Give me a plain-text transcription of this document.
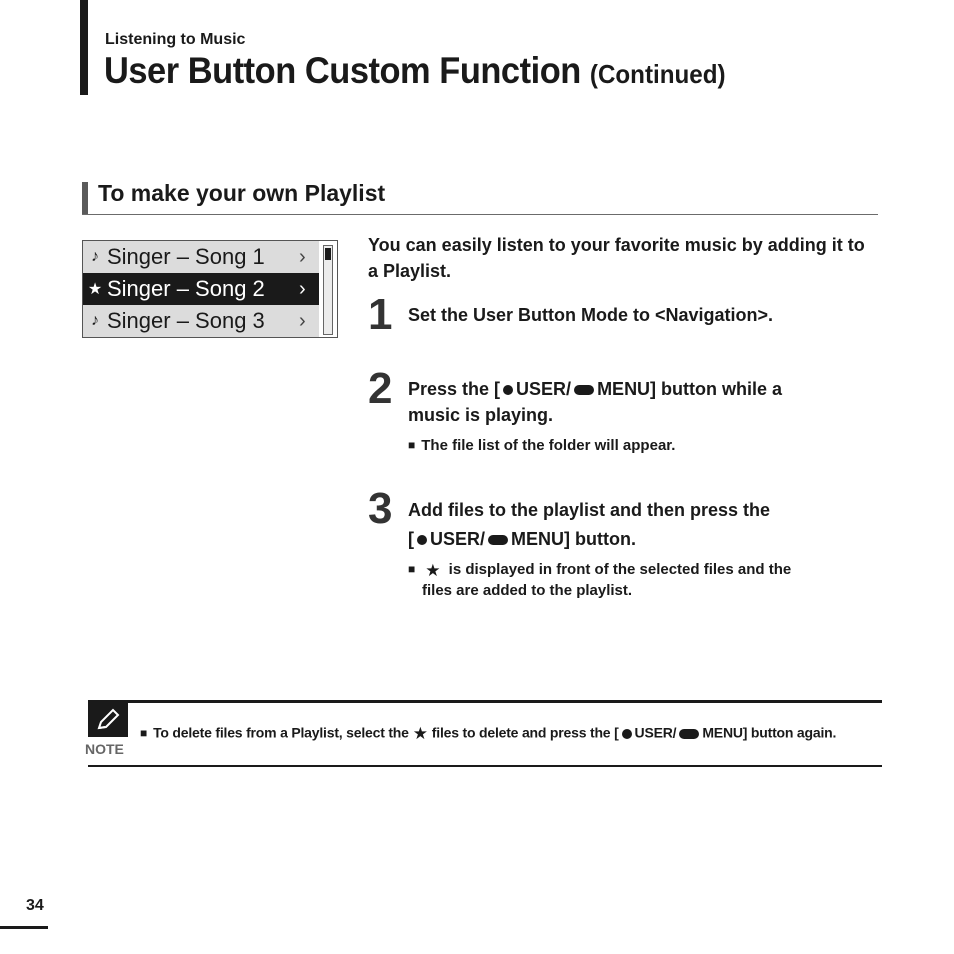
Listening to Music
User Button Custom Function (Continued)
To make your own Playlist
♪ Singer – Song 1	›
★ Singer – Song 2	›
♪ Singer – Song 3	›
You can easily listen to your favorite music by adding it to a Playlist.
1 Set the User Button Mode to <Navigation>.
2 Press the [ USER/ MENU] button while a
music is playing.
■ The file list of the folder will appear.
3 Add files to the playlist and then press the
[ USER/ MENU] button.
■ ★ is displayed in front of the selected files and the
files are added to the playlist.
NOTE
■ To delete files from a Playlist, select the ★ files to delete and press the [ USER/ MENU] button again.
34
